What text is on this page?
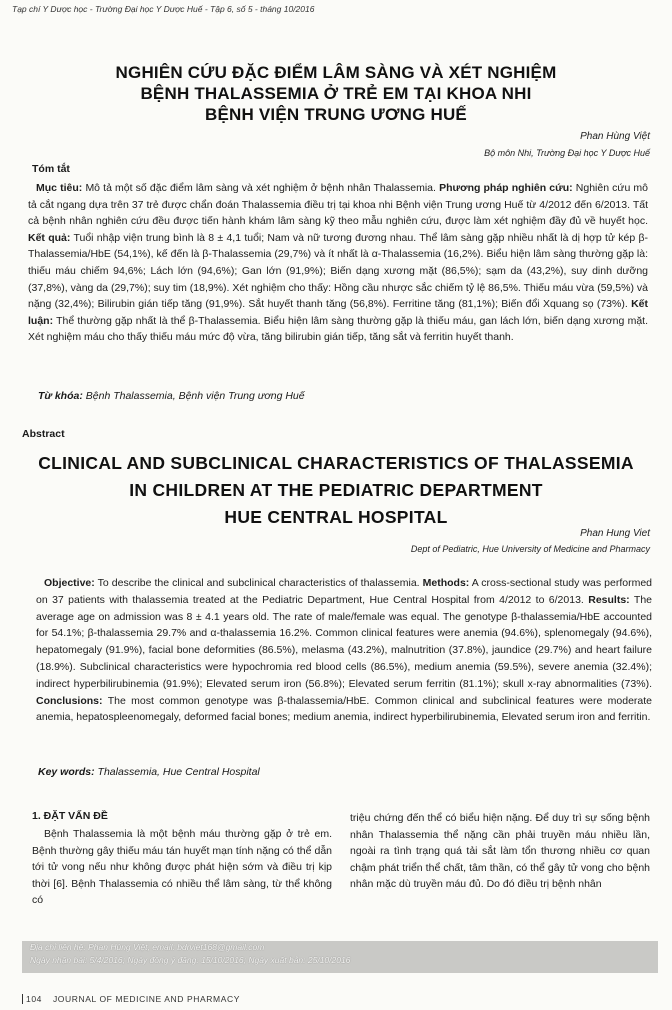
Tạp chí Y Dược học - Trường Đại học Y Dược Huế - Tập 6, số 5 - tháng 10/2016
NGHIÊN CỨU ĐẶC ĐIỂM LÂM SÀNG VÀ XÉT NGHIỆM
BỆNH THALASSEMIA Ở TRẺ EM TẠI KHOA NHI
BỆNH VIỆN TRUNG ƯƠNG HUẾ
Phan Hùng Việt
Bộ môn Nhi, Trường Đại học Y Dược Huế
Tóm tắt
Mục tiêu: Mô tả một số đặc điểm lâm sàng và xét nghiệm ở bệnh nhân Thalassemia. Phương pháp nghiên cứu: Nghiên cứu mô tả cắt ngang dựa trên 37 trẻ được chẩn đoán Thalassemia điều trị tại khoa nhi Bệnh viện Trung ương Huế từ 4/2012 đến 6/2013. Tất cả bệnh nhân nghiên cứu đều được tiến hành khám lâm sàng kỹ theo mẫu nghiên cứu, được làm xét nghiệm đầy đủ về huyết học. Kết quả: Tuổi nhập viện trung bình là 8 ± 4,1 tuổi; Nam và nữ tương đương nhau. Thể lâm sàng gặp nhiều nhất là dị hợp tử kép β-Thalassemia/HbE (54,1%), kế đến là β-Thalassemia (29,7%) và ít nhất là α-Thalassemia (16,2%). Biểu hiện lâm sàng thường gặp là: thiếu máu chiếm 94,6%; Lách lớn (94,6%); Gan lớn (91,9%); Biến dạng xương mặt (86,5%); sạm da (43,2%), suy dinh dưỡng (37,8%), vàng da (29,7%); suy tim (18,9%). Xét nghiệm cho thấy: Hồng cầu nhược sắc chiếm tỷ lệ 86,5%. Thiếu máu vừa (59,5%) và nặng (32,4%); Bilirubin gián tiếp tăng (91,9%). Sắt huyết thanh tăng (56,8%). Ferritine tăng (81,1%); Biến đổi Xquang sọ (73%). Kết luận: Thể thường gặp nhất là thể β-Thalassemia. Biểu hiện lâm sàng thường gặp là thiếu máu, gan lách lớn, biến dạng xương mặt. Xét nghiệm máu cho thấy thiếu máu mức độ vừa, tăng bilirubin gián tiếp, tăng sắt và ferritin huyết thanh.
Từ khóa: Bệnh Thalassemia, Bệnh viện Trung ương Huế
Abstract
CLINICAL AND SUBCLINICAL CHARACTERISTICS OF THALASSEMIA
IN CHILDREN AT THE PEDIATRIC DEPARTMENT
HUE CENTRAL HOSPITAL
Phan Hung Viet
Dept of Pediatric, Hue University of Medicine and Pharmacy
Objective: To describe the clinical and subclinical characteristics of thalassemia. Methods: A cross-sectional study was performed on 37 patients with thalassemia treated at the Pediatric Department, Hue Central Hospital from 4/2012 to 6/2013. Results: The average age on admission was 8 ± 4.1 years old. The rate of male/female was equal. The genotype β-thalassemia/HbE accounted for 54.1%; β-thalassemia 29.7% and α-thalassemia 16.2%. Common clinical features were anemia (94.6%), splenomegaly (94.6%), hepatomegaly (91.9%), facial bone deformities (86.5%), melasma (43.2%), malnutrition (37.8%), jaundice (29.7%) and heart failure (18.9%). Subclinical characteristics were hypochromia red blood cells (86.5%), medium anemia (59.5%), severe anemia (32.4%); indirect hyperbilirubinemia (91.9%); Elevated serum iron (56.8%); Elevated serum ferritin (81.1%); skull x-ray abnormalities (73%). Conclusions: The most common genotype was β-thalassemia/HbE. Common clinical and subclinical features were moderate anemia, hepatospleenomegaly, deformed facial bones; medium anemia, indirect hyperbilirubinemia, Elevated serum iron and ferritin.
Key words: Thalassemia, Hue Central Hospital
1. ĐẶT VẤN ĐỀ
Bệnh Thalassemia là một bệnh máu thường gặp ở trẻ em. Bệnh thường gây thiếu máu tán huyết mạn tính nặng có thể dẫn tới tử vong nếu như không được phát hiện sớm và điều trị kịp thời [6]. Bệnh Thalassemia có nhiều thể lâm sàng, từ thể không có
triệu chứng đến thể có biểu hiện nặng. Để duy trì sự sống bệnh nhân Thalassemia thể nặng cần phải truyền máu nhiều lần, ngoài ra tình trạng quá tải sắt làm tổn thương nhiều cơ quan chậm phát triển thể chất, tâm thần, có thể gây tử vong cho bệnh nhân mặc dù truyền máu đủ. Do đó điều trị bệnh nhân
Địa chỉ liên hệ: Phan Hùng Việt, email: bdrviet168@gmail.com
Ngày nhận bài: 5/4/2016; Ngày đồng ý đăng: 15/10/2016; Ngày xuất bản: 25/10/2016
104 JOURNAL OF MEDICINE AND PHARMACY
